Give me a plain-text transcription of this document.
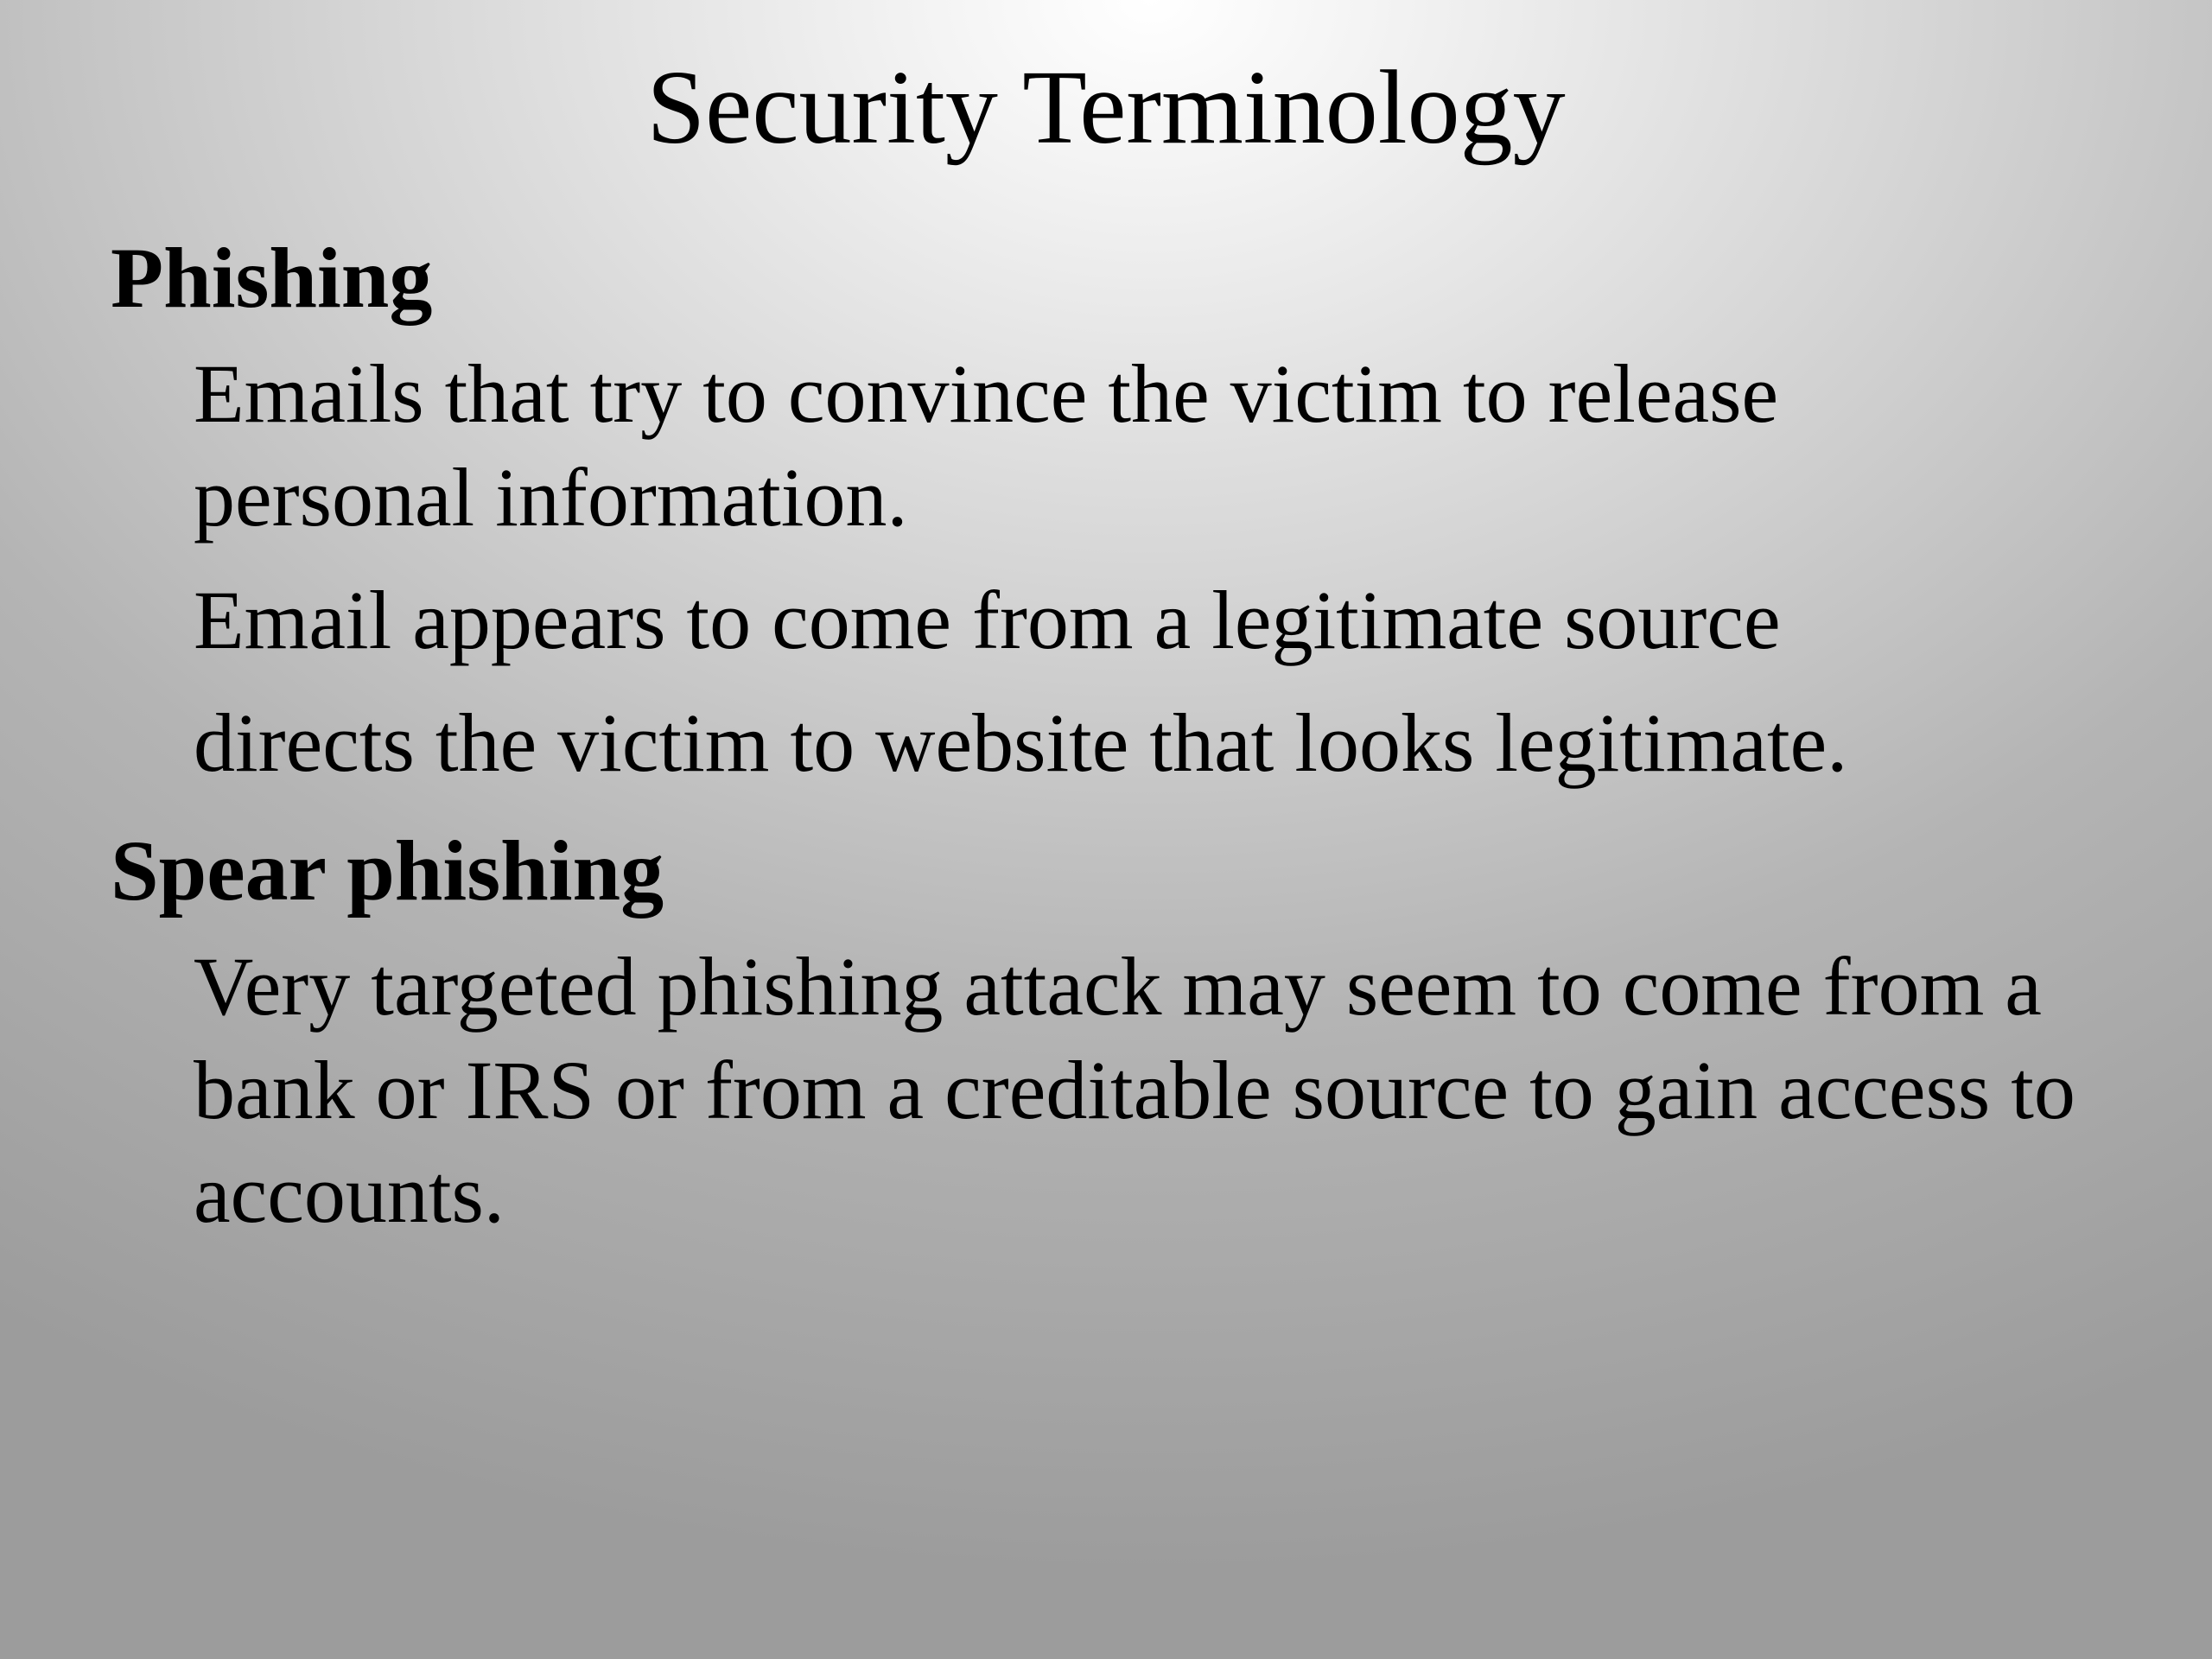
Security Terminology

Phishing

Emails that try to convince the victim to release personal information.

Email appears to come from a legitimate source

directs the victim to website that looks legitimate.

Spear phishing

Very targeted phishing attack may seem to come from a bank or IRS or from a creditable source to gain access to accounts.
